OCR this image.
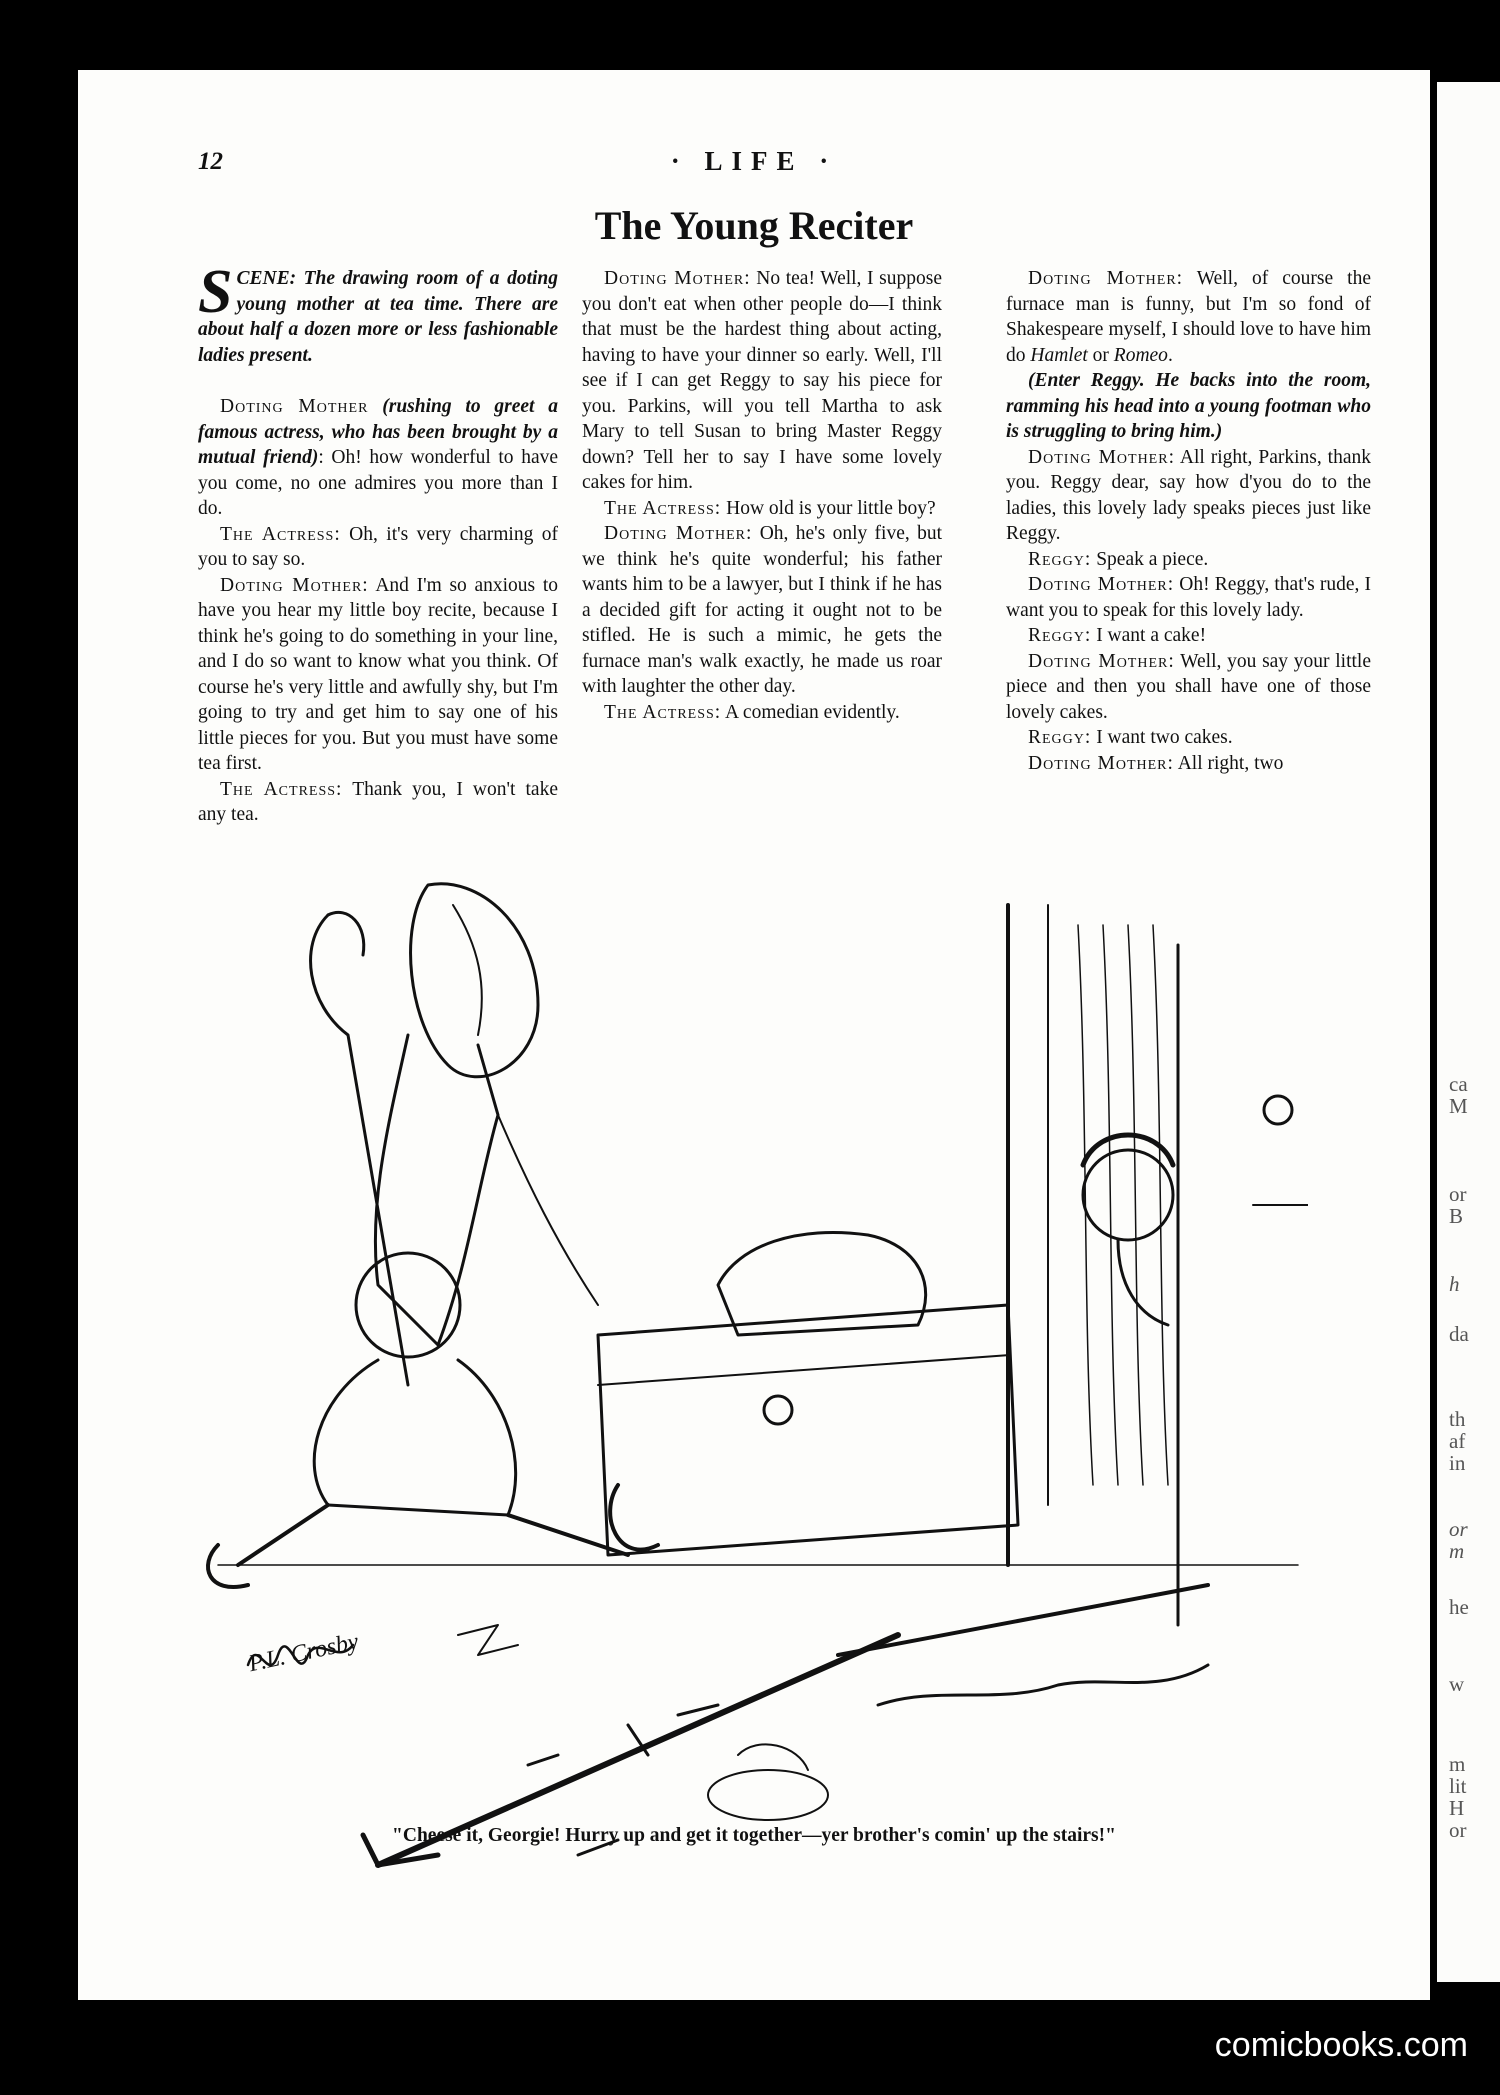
12	· LIFE ·
The Young Reciter

SCENE: The drawing room of a doting young mother at tea time. There are about half a dozen more or less fashionable ladies present.

Doting Mother (rushing to greet a famous actress, who has been brought by a mutual friend): Oh! how wonderful to have you come, no one admires you more than I do.

The Actress: Oh, it's very charming of you to say so.

Doting Mother: And I'm so anxious to have you hear my little boy recite, because I think he's going to do something in your line, and I do so want to know what you think. Of course he's very little and awfully shy, but I'm going to try and get him to say one of his little pieces for you. But you must have some tea first.

The Actress: Thank you, I won't take any tea.

Doting Mother: No tea! Well, I suppose you don't eat when other people do—I think that must be the hardest thing about acting, having to have your dinner so early. Well, I'll see if I can get Reggy to say his piece for you. Parkins, will you tell Martha to ask Mary to tell Susan to bring Master Reggy down? Tell her to say I have some lovely cakes for him.

The Actress: How old is your little boy?

Doting Mother: Oh, he's only five, but we think he's quite wonderful; his father wants him to be a lawyer, but I think if he has a decided gift for acting it ought not to be stifled. He is such a mimic, he gets the furnace man's walk exactly, he made us roar with laughter the other day.

The Actress: A comedian evidently.

Doting Mother: Well, of course the furnace man is funny, but I'm so fond of Shakespeare myself, I should love to have him do Hamlet or Romeo.

(Enter Reggy. He backs into the room, ramming his head into a young footman who is struggling to bring him.)

Doting Mother: All right, Parkins, thank you. Reggy dear, say how d'you do to the ladies, this lovely lady speaks pieces just like Reggy.

Reggy: Speak a piece.

Doting Mother: Oh! Reggy, that's rude, I want you to speak for this lovely lady.

Reggy: I want a cake!

Doting Mother: Well, you say your little piece and then you shall have one of those lovely cakes.

Reggy: I want two cakes.

Doting Mother: All right, two

P.L. Crosby
"Cheese it, Georgie! Hurry up and get it together—yer brother's comin' up the stairs!"
ca
M
or
B
h
da
th
af
in
or
m
he
w
m
lit
H
or
comicbooks.com
